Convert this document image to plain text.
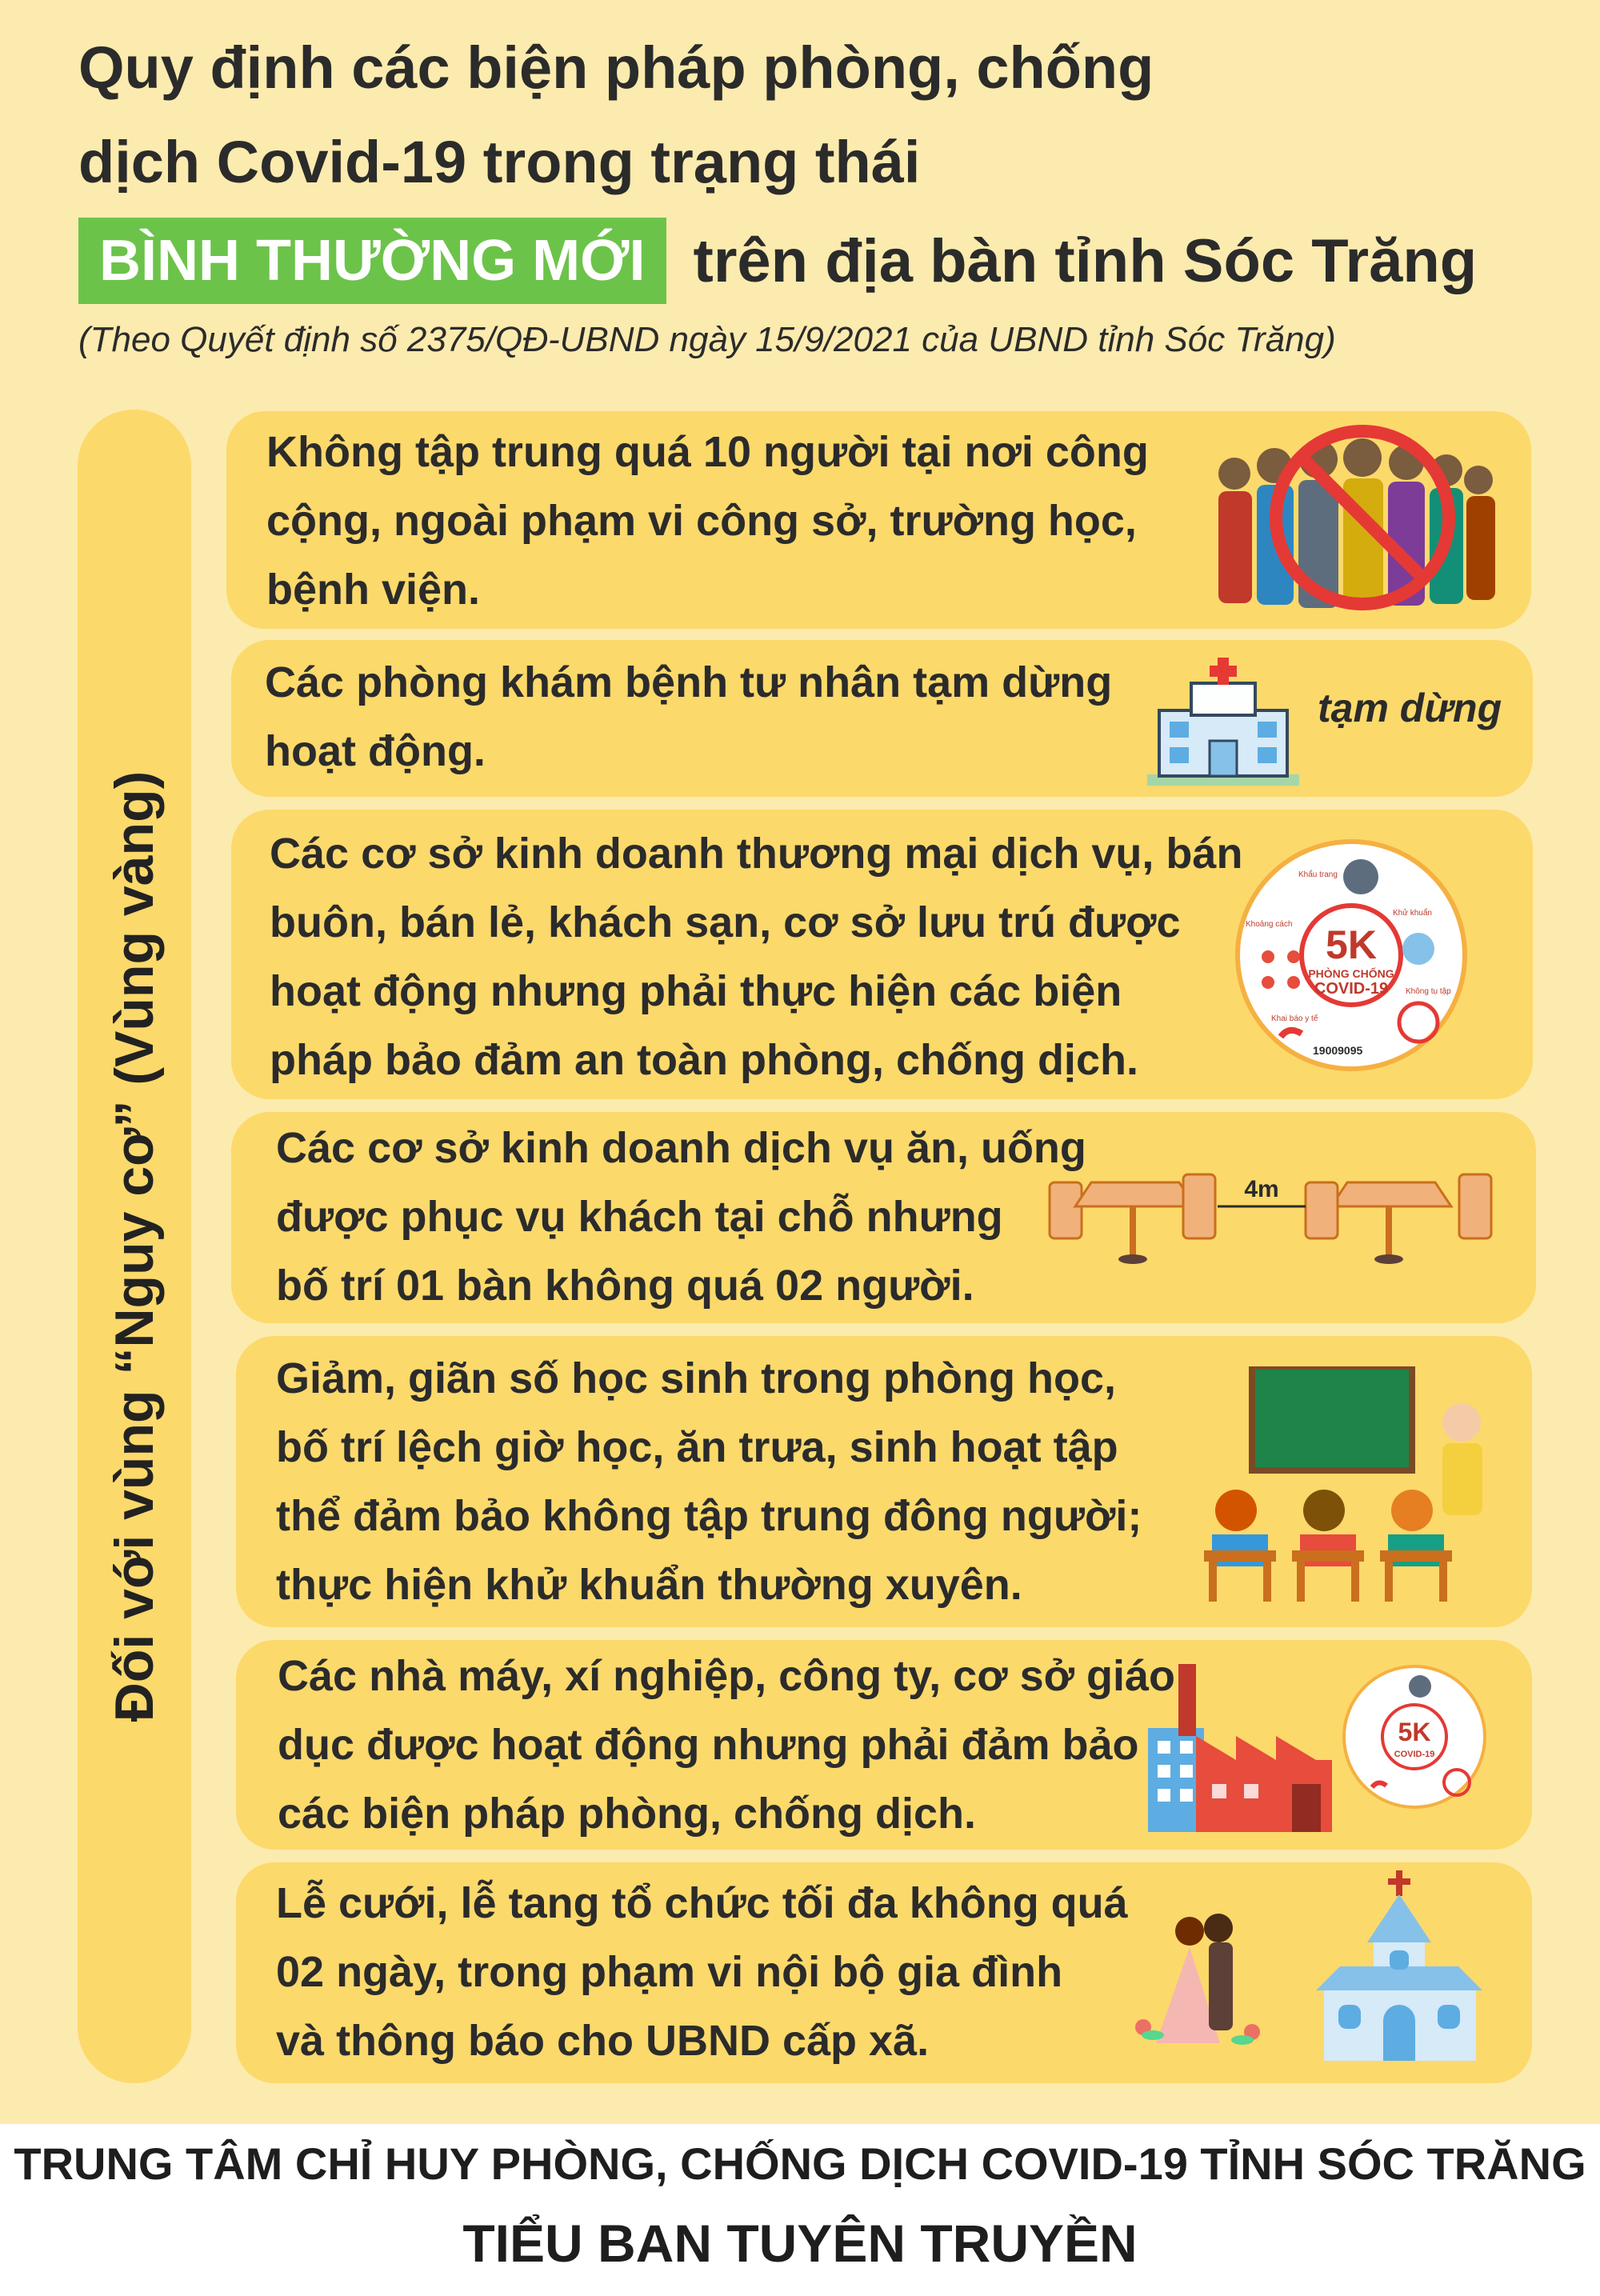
Quy định các biện pháp phòng, chống
dịch Covid-19 trong trạng thái
BÌNH THƯỜNG MỚI trên địa bàn tỉnh Sóc Trăng
(Theo Quyết định số 2375/QĐ-UBND ngày 15/9/2021 của UBND tỉnh Sóc Trăng)
Đối với vùng “Nguy cơ” (Vùng vàng)
Không tập trung quá 10 người tại nơi công
cộng, ngoài phạm vi công sở, trường học,
bệnh viện.
Các phòng khám bệnh tư nhân tạm dừng
hoạt động.
tạm dừng
Các cơ sở kinh doanh thương mại dịch vụ, bán
buôn, bán lẻ, khách sạn, cơ sở lưu trú được
hoạt động nhưng phải thực hiện các biện
pháp bảo đảm an toàn phòng, chống dịch.
5K
PHÒNG CHỐNG
COVID-19
Khẩu trang
Khử khuẩn
Khoảng cách
Không tụ tập
Khai báo y tế
19009095
Các cơ sở kinh doanh dịch vụ ăn, uống
được phục vụ khách tại chỗ nhưng
bố trí 01 bàn không quá 02 người.
4m
Giảm, giãn số học sinh trong phòng học,
bố trí lệch giờ học, ăn trưa, sinh hoạt tập
thể đảm bảo không tập trung đông người;
thực hiện khử khuẩn thường xuyên.
Các nhà máy, xí nghiệp, công ty, cơ sở giáo
dục được hoạt động nhưng phải đảm bảo
các biện pháp phòng, chống dịch.
5K
COVID-19
Lễ cưới, lễ tang tổ chức tối đa không quá
02 ngày, trong phạm vi nội bộ gia đình
và thông báo cho UBND cấp xã.
TRUNG TÂM CHỈ HUY PHÒNG, CHỐNG DỊCH COVID-19 TỈNH SÓC TRĂNG
TIỂU BAN TUYÊN TRUYỀN
